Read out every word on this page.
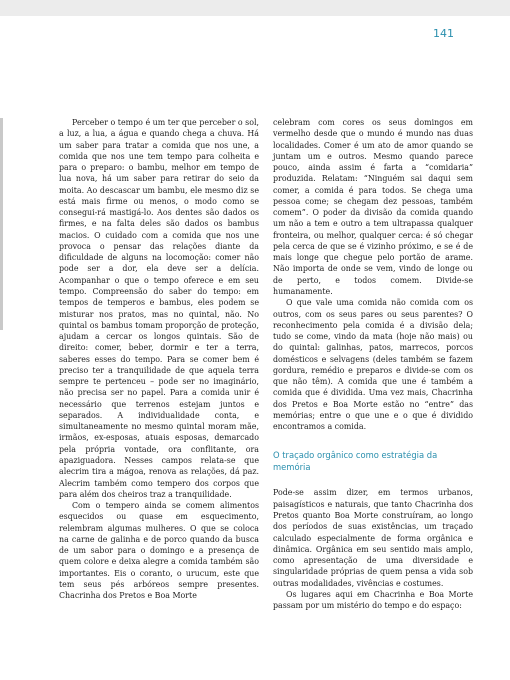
141

Perceber o tempo é um ter que perceber o sol, a luz, a lua, a água e quando chega a chuva. Há um saber para tratar a comida que nos une, a comida que nos une tem tempo para colheita e para o preparo: o bambu, melhor em tempo de lua nova, há um saber para retirar do seio da moita. Ao descascar um bambu, ele mesmo diz se está mais firme ou menos, o modo como se consegui-rá mastigá-lo. Aos dentes são dados os firmes, e na falta deles são dados os bambus macios. O cuidado com a comida que nos une provoca o pensar das relações diante da dificuldade de alguns na locomoção: comer não pode ser a dor, ela deve ser a delícia. Acompanhar o que o tempo oferece e em seu tempo. Compreensão do saber do tempo: em tempos de temperos e bambus, eles podem se misturar nos pratos, mas no quintal, não. No quintal os bambus tomam proporção de proteção, ajudam a cercar os longos quintais. São de direito: comer, beber, dormir e ter a terra, saberes esses do tempo. Para se comer bem é preciso ter a tranquilidade de que aquela terra sempre te pertenceu – pode ser no imaginário, não precisa ser no papel. Para a comida unir é necessário que terrenos estejam juntos e separados. A individualidade conta, e simultaneamente no mesmo quintal moram mãe, irmãos, ex-esposas, atuais esposas, demarcado pela própria vontade, ora conflitante, ora apaziguadora. Nesses campos relata-se que alecrim tira a mágoa, renova as relações, dá paz. Alecrim também como tempero dos corpos que para além dos cheiros traz a tranquilidade.

Com o tempero ainda se comem alimentos esquecidos ou quase em esquecimento, relembram algumas mulheres. O que se coloca na carne de galinha e de porco quando da busca de um sabor para o domingo e a presença de quem colore e deixa alegre a comida também são importantes. Eis o coranto, o urucum, este que tem seus pés arbóreos sempre presentes. Chacrinha dos Pretos e Boa Morte

celebram com cores os seus domingos em vermelho desde que o mundo é mundo nas duas localidades. Comer é um ato de amor quando se juntam um e outros. Mesmo quando parece pouco, ainda assim é farta a “comidaria” produzida. Relatam: “Ninguém sai daqui sem comer, a comida é para todos. Se chega uma pessoa come; se chegam dez pessoas, também comem”. O poder da divisão da comida quando um não a tem e outro a tem ultrapassa qualquer fronteira, ou melhor, qualquer cerca: é só chegar pela cerca de que se é vizinho próximo, e se é de mais longe que chegue pelo portão de arame. Não importa de onde se vem, vindo de longe ou de perto, e todos comem. Divide-se humanamente.

O que vale uma comida não comida com os outros, com os seus pares ou seus parentes? O reconhecimento pela comida é a divisão dela; tudo se come, vindo da mata (hoje não mais) ou do quintal: galinhas, patos, marrecos, porcos domésticos e selvagens (deles também se fazem gordura, remédio e preparos e divide-se com os que não têm). A comida que une é também a comida que é dividida. Uma vez mais, Chacrinha dos Pretos e Boa Morte estão no “entre” das memórias; entre o que une e o que é dividido encontramos a comida.

O traçado orgânico como estratégia da memória

Pode-se assim dizer, em termos urbanos, paisagísticos e naturais, que tanto Chacrinha dos Pretos quanto Boa Morte construíram, ao longo dos períodos de suas existências, um traçado calculado especialmente de forma orgânica e dinâmica. Orgânica em seu sentido mais amplo, como apresentação de uma diversidade e singularidade próprias de quem pensa a vida sob outras modalidades, vivências e costumes.

Os lugares aqui em Chacrinha e Boa Morte passam por um mistério do tempo e do espaço:
